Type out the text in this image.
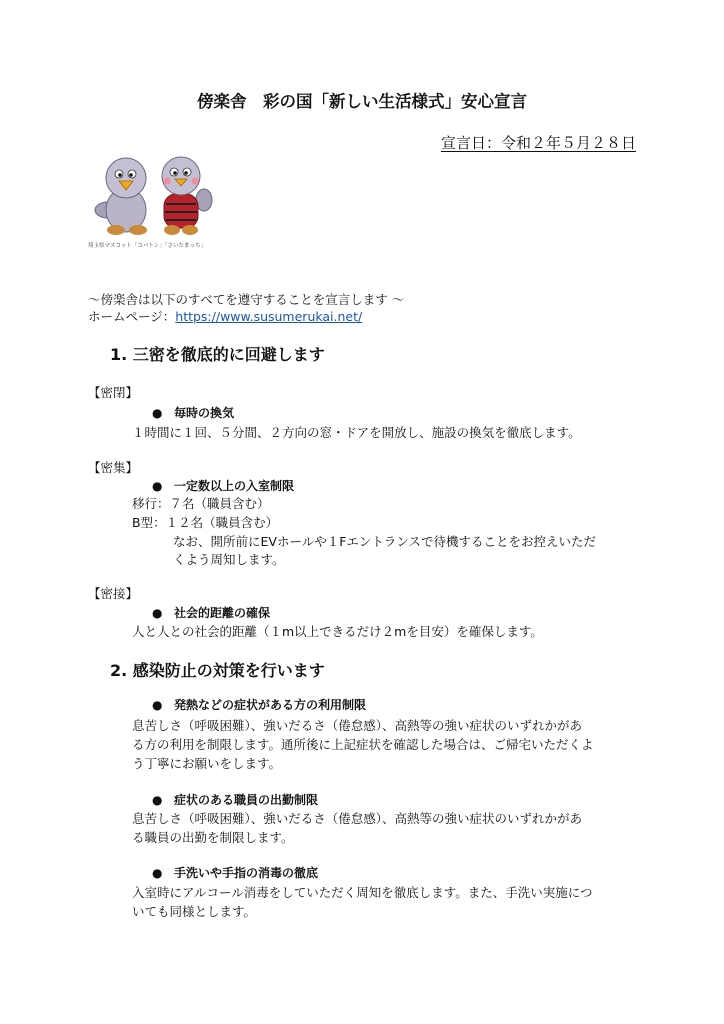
傍楽舎　彩の国「新しい生活様式」安心宣言
宣言日：令和２年５月２８日
埼玉県マスコット「コバトン」「さいたまっち」
～傍楽舎は以下のすべてを遵守することを宣言します ～
ホームページ：https://www.susumerukai.net/
1. 三密を徹底的に回避します
【密閉】
● 毎時の換気
１時間に１回、５分間、２方向の窓・ドアを開放し、施設の換気を徹底します。
【密集】
● 一定数以上の入室制限
移行：７名（職員含む）
B型：１２名（職員含む）
なお、開所前にEVホールや１Fエントランスで待機することをお控えいただ
くよう周知します。
【密接】
● 社会的距離の確保
人と人との社会的距離（１m以上できるだけ２mを目安）を確保します。
2. 感染防止の対策を行います
● 発熱などの症状がある方の利用制限
息苦しさ（呼吸困難）、強いだるさ（倦怠感）、高熱等の強い症状のいずれかがあ
る方の利用を制限します。通所後に上記症状を確認した場合は、ご帰宅いただくよ
う丁寧にお願いをします。
● 症状のある職員の出勤制限
息苦しさ（呼吸困難）、強いだるさ（倦怠感）、高熱等の強い症状のいずれかがあ
る職員の出勤を制限します。
● 手洗いや手指の消毒の徹底
入室時にアルコール消毒をしていただく周知を徹底します。また、手洗い実施につ
いても同様とします。
